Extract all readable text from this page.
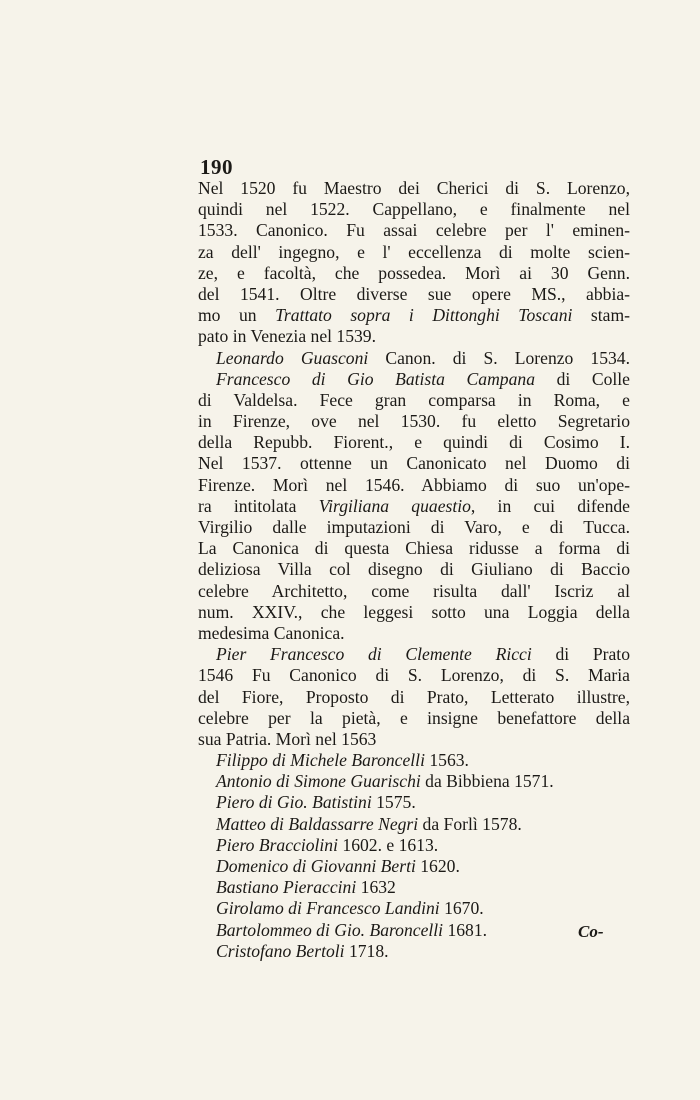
190
Nel 1520 fu Maestro dei Cherici di S. Lorenzo,
quindi nel 1522. Cappellano, e finalmente nel
1533. Canonico. Fu assai celebre per l' eminen-
za dell' ingegno, e l' eccellenza di molte scien-
ze, e facoltà, che possedea. Morì ai 30 Genn.
del 1541. Oltre diverse sue opere MS., abbia-
mo un Trattato sopra i Dittonghi Toscani stam-
pato in Venezia nel 1539.
Leonardo Guasconi Canon. di S. Lorenzo 1534.
Francesco di Gio Batista Campana di Colle
di Valdelsa. Fece gran comparsa in Roma, e
in Firenze, ove nel 1530. fu eletto Segretario
della Repubb. Fiorent., e quindi di Cosimo I.
Nel 1537. ottenne un Canonicato nel Duomo di
Firenze. Morì nel 1546. Abbiamo di suo un'ope-
ra intitolata Virgiliana quaestio, in cui difende
Virgilio dalle imputazioni di Varo, e di Tucca.
La Canonica di questa Chiesa ridusse a forma di
deliziosa Villa col disegno di Giuliano di Baccio
celebre Architetto, come risulta dall' Iscriz al
num. XXIV., che leggesi sotto una Loggia della
medesima Canonica.
Pier Francesco di Clemente Ricci di Prato
1546 Fu Canonico di S. Lorenzo, di S. Maria
del Fiore, Proposto di Prato, Letterato illustre,
celebre per la pietà, e insigne benefattore della
sua Patria. Morì nel 1563
Filippo di Michele Baroncelli 1563.
Antonio di Simone Guarischi da Bibbiena 1571.
Piero di Gio. Batistini 1575.
Matteo di Baldassarre Negri da Forlì 1578.
Piero Bracciolini 1602. e 1613.
Domenico di Giovanni Berti 1620.
Bastiano Pieraccini 1632
Girolamo di Francesco Landini 1670.
Bartolommeo di Gio. Baroncelli 1681.
Cristofano Bertoli 1718.
Co-
